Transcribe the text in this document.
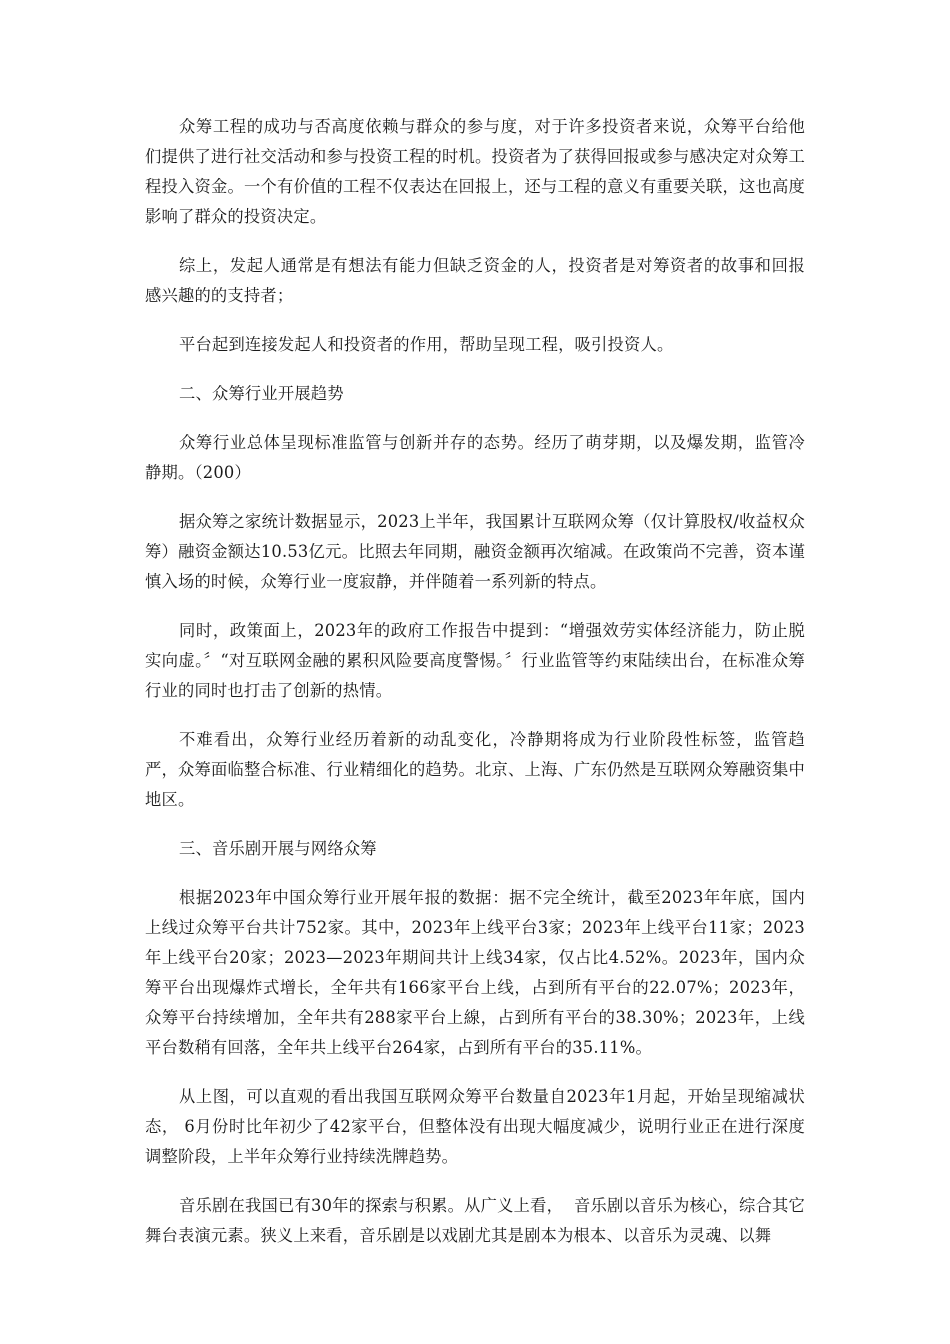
众筹工程的成功与否高度依赖与群众的参与度，对于许多投资者来说，众筹平台给他们提供了进行社交活动和参与投资工程的时机。投资者为了获得回报或参与感决定对众筹工程投入资金。一个有价值的工程不仅表达在回报上，还与工程的意义有重要关联，这也高度影响了群众的投资决定。

综上，发起人通常是有想法有能力但缺乏资金的人，投资者是对筹资者的故事和回报感兴趣的的支持者；

平台起到连接发起人和投资者的作用，帮助呈现工程，吸引投资人。

二、众筹行业开展趋势

众筹行业总体呈现标准监管与创新并存的态势。经历了萌芽期，以及爆发期，监管冷静期。（200）

据众筹之家统计数据显示，2023上半年，我国累计互联网众筹（仅计算股权/收益权众筹）融资金额达10.53亿元。比照去年同期，融资金额再次缩减。在政策尚不完善，资本谨慎入场的时候，众筹行业一度寂静，并伴随着一系列新的特点。

同时，政策面上，2023年的政府工作报告中提到：“增强效劳实体经济能力，防止脱实向虚。〞“对互联网金融的累积风险要高度警惕。〞行业监管等约束陆续出台，在标准众筹行业的同时也打击了创新的热情。

不难看出，众筹行业经历着新的动乱变化，冷静期将成为行业阶段性标签，监管趋严，众筹面临整合标准、行业精细化的趋势。北京、上海、广东仍然是互联网众筹融资集中地区。

三、音乐剧开展与网络众筹

根据2023年中国众筹行业开展年报的数据：据不完全统计，截至2023年年底，国内上线过众筹平台共计752家。其中，2023年上线平台3家；2023年上线平台11家；2023年上线平台20家；2023—2023年期间共计上线34家，仅占比4.52%。2023年，国内众筹平台出现爆炸式增长，全年共有166家平台上线，占到所有平台的22.07%；2023年，众筹平台持续增加，全年共有288家平台上線，占到所有平台的38.30%；2023年，上线平台数稍有回落，全年共上线平台264家，占到所有平台的35.11%。

从上图，可以直观的看出我国互联网众筹平台数量自2023年1月起，开始呈现缩减状态， 6月份时比年初少了42家平台，但整体没有出现大幅度减少，说明行业正在进行深度调整阶段，上半年众筹行业持续洗牌趋势。

音乐剧在我国已有30年的探索与积累。从广义上看，  音乐剧以音乐为核心，综合其它舞台表演元素。狭义上来看，音乐剧是以戏剧尤其是剧本为根本、以音乐为灵魂、以舞
